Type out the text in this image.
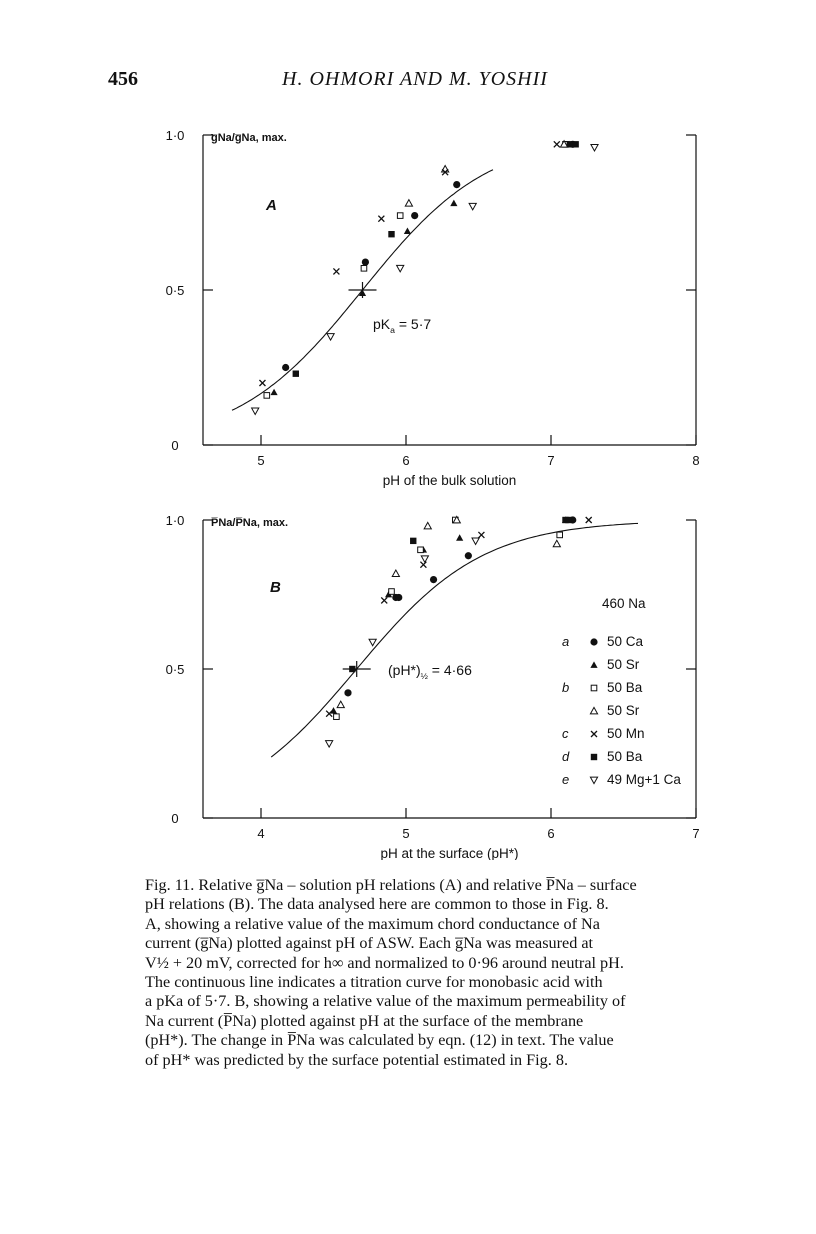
456	H. OHMORI AND M. YOSHII
0
0·5
1·0
5	6	7	8
pH of the bulk solution
g̅Na/g̅Na, max.
A
$pK_a = 5\cdot 7$
0
0·5
1·0
4	5	6	7
pH at the surface (pH*)
P̅Na/P̅Na, max.
B
$(pH*)_{\frac{1}{2}} = 4\cdot 66$
460 Na
a	50 Ca
50 Sr
b	50 Ba
50 Sr
c	50 Mn
d	50 Ba
e	49 Mg+1 Ca

Fig. 11. Relative g̅Na – solution pH relations (A) and relative P̅Na – surface

pH relations (B). The data analysed here are common to those in Fig. 8.

A, showing a relative value of the maximum chord conductance of Na

current (g̅Na) plotted against pH of ASW. Each g̅Na was measured at

V½ + 20 mV, corrected for h∞ and normalized to 0·96 around neutral pH.

The continuous line indicates a titration curve for monobasic acid with

a pKa of 5·7. B, showing a relative value of the maximum permeability of

Na current (P̅Na) plotted against pH at the surface of the membrane

(pH*). The change in P̅Na was calculated by eqn. (12) in text. The value

of pH* was predicted by the surface potential estimated in Fig. 8.
